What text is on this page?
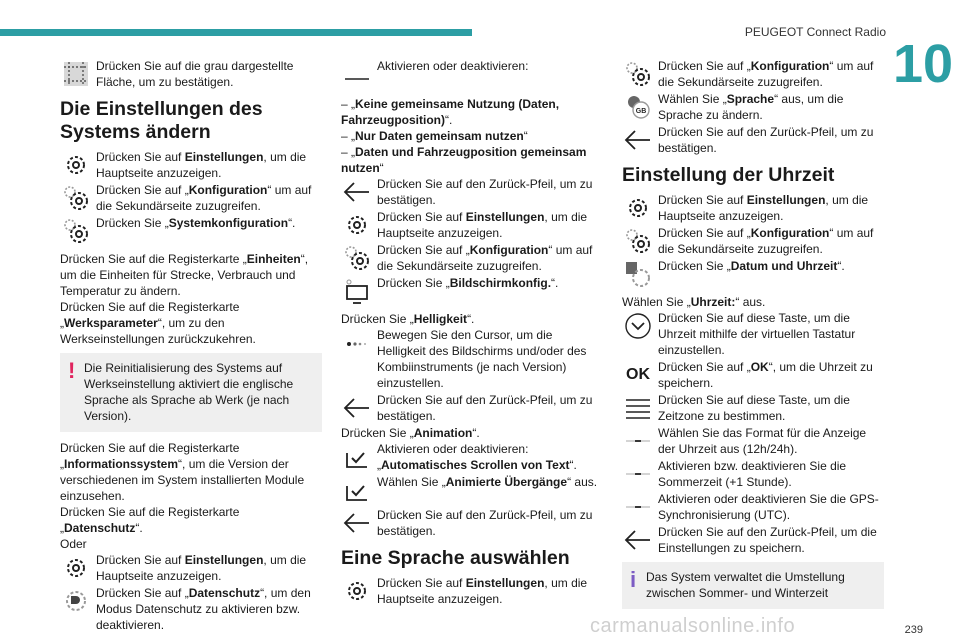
PEUGEOT Connect Radio
10
Drücken Sie auf die grau dargestellte Fläche, um zu bestätigen.
Die Einstellungen des Systems ändern
Drücken Sie auf Einstellungen, um die Hauptseite anzuzeigen.
Drücken Sie auf „Konfiguration“ um auf die Sekundärseite zuzugreifen.
Drücken Sie „Systemkonfiguration“.

Drücken Sie auf die Registerkarte „Einheiten“, um die Einheiten für Strecke, Verbrauch und Temperatur zu ändern.

Drücken Sie auf die Registerkarte „Werksparameter“, um zu den Werkseinstellungen zurückzukehren.

! Die Reinitialisierung des Systems auf Werkseinstellung aktiviert die englische Sprache als Sprache ab Werk (je nach Version).

Drücken Sie auf die Registerkarte „Informationssystem“, um die Version der verschiedenen im System installierten Module einzusehen.

Drücken Sie auf die Registerkarte „Datenschutz“.

Oder

Drücken Sie auf Einstellungen, um die Hauptseite anzuzeigen.
Drücken Sie auf „Datenschutz“, um den Modus Datenschutz zu aktivieren bzw. deaktivieren.
Aktivieren oder deaktivieren:

– „Keine gemeinsame Nutzung (Daten, Fahrzeugposition)“.

– „Nur Daten gemeinsam nutzen“

– „Daten und Fahrzeugposition gemeinsam nutzen“

Drücken Sie auf den Zurück-Pfeil, um zu bestätigen.
Drücken Sie auf Einstellungen, um die Hauptseite anzuzeigen.
Drücken Sie auf „Konfiguration“ um auf die Sekundärseite zuzugreifen.
Drücken Sie „Bildschirmkonfig.“.

Drücken Sie „Helligkeit“.

Bewegen Sie den Cursor, um die Helligkeit des Bildschirms und/oder des Kombiinstruments (je nach Version) einzustellen.
Drücken Sie auf den Zurück-Pfeil, um zu bestätigen.

Drücken Sie „Animation“.

Aktivieren oder deaktivieren: „Automatisches Scrollen von Text“.
Wählen Sie „Animierte Übergänge“ aus.
Drücken Sie auf den Zurück-Pfeil, um zu bestätigen.
Eine Sprache auswählen
Drücken Sie auf Einstellungen, um die Hauptseite anzuzeigen.
Drücken Sie auf „Konfiguration“ um auf die Sekundärseite zuzugreifen.
GB
Wählen Sie „Sprache“ aus, um die Sprache zu ändern.
Drücken Sie auf den Zurück-Pfeil, um zu bestätigen.
Einstellung der Uhrzeit
Drücken Sie auf Einstellungen, um die Hauptseite anzuzeigen.
Drücken Sie auf „Konfiguration“ um auf die Sekundärseite zuzugreifen.
Drücken Sie „Datum und Uhrzeit“.

Wählen Sie „Uhrzeit:“ aus.

Drücken Sie auf diese Taste, um die Uhrzeit mithilfe der virtuellen Tastatur einzustellen.
OK Drücken Sie auf „OK“, um die Uhrzeit zu speichern.
Drücken Sie auf diese Taste, um die Zeitzone zu bestimmen.
Wählen Sie das Format für die Anzeige der Uhrzeit aus (12h/24h).
Aktivieren bzw. deaktivieren Sie die Sommerzeit (+1 Stunde).
Aktivieren oder deaktivieren Sie die GPS-Synchronisierung (UTC).
Drücken Sie auf den Zurück-Pfeil, um die Einstellungen zu speichern.
i Das System verwaltet die Umstellung zwischen Sommer- und Winterzeit
carmanualsonline.info	239
